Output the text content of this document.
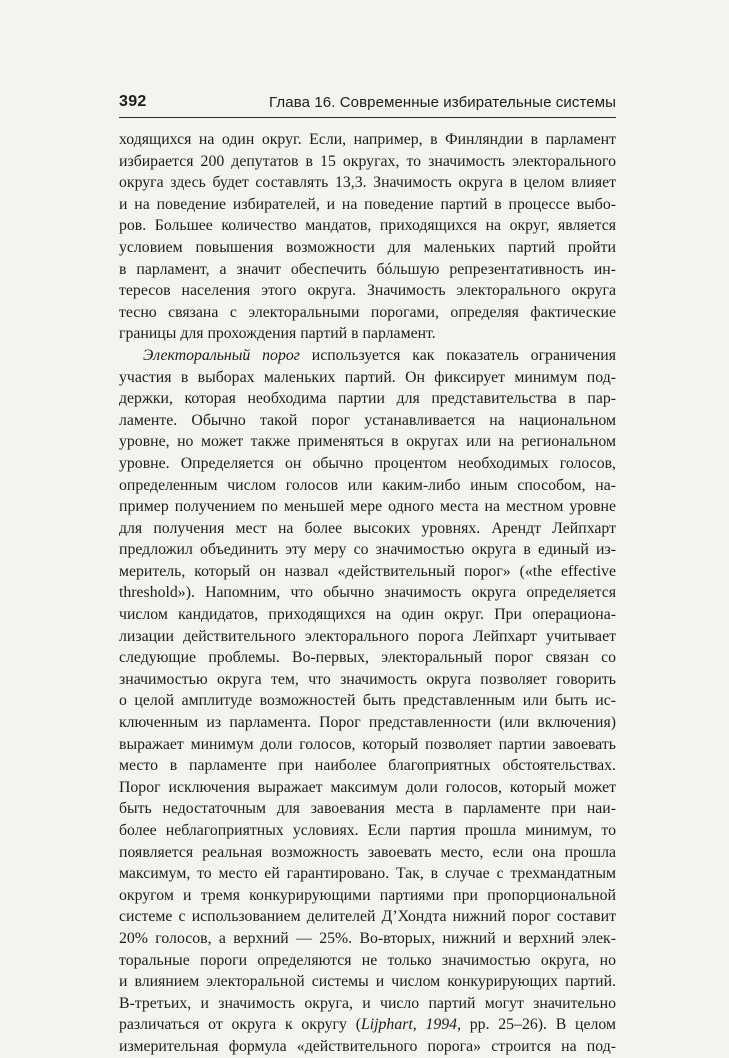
392	Глава 16. Современные избирательные системы
ходящихся на один округ. Если, например, в Финляндии в парламент
избирается 200 депутатов в 15 округах, то значимость электорального
округа здесь будет составлять 13,3. Значимость округа в целом влияет
и на поведение избирателей, и на поведение партий в процессе выбо-
ров. Большее количество мандатов, приходящихся на округ, является
условием повышения возможности для маленьких партий пройти
в парламент, а значит обеспечить бóльшую репрезентативность ин-
тересов населения этого округа. Значимость электорального округа
тесно связана с электоральными порогами, определяя фактические
границы для прохождения партий в парламент.
Электоральный порог используется как показатель ограничения
участия в выборах маленьких партий. Он фиксирует минимум под-
держки, которая необходима партии для представительства в пар-
ламенте. Обычно такой порог устанавливается на национальном
уровне, но может также применяться в округах или на региональном
уровне. Определяется он обычно процентом необходимых голосов,
определенным числом голосов или каким-либо иным способом, на-
пример получением по меньшей мере одного места на местном уровне
для получения мест на более высоких уровнях. Арендт Лейпхарт
предложил объединить эту меру со значимостью округа в единый из-
меритель, который он назвал «действительный порог» («the effective
threshold»). Напомним, что обычно значимость округа определяется
числом кандидатов, приходящихся на один округ. При операциона-
лизации действительного электорального порога Лейпхарт учитывает
следующие проблемы. Во-первых, электоральный порог связан со
значимостью округа тем, что значимость округа позволяет говорить
о целой амплитуде возможностей быть представленным или быть ис-
ключенным из парламента. Порог представленности (или включения)
выражает минимум доли голосов, который позволяет партии завоевать
место в парламенте при наиболее благоприятных обстоятельствах.
Порог исключения выражает максимум доли голосов, который может
быть недостаточным для завоевания места в парламенте при наи-
более неблагоприятных условиях. Если партия прошла минимум, то
появляется реальная возможность завоевать место, если она прошла
максимум, то место ей гарантировано. Так, в случае с трехмандатным
округом и тремя конкурирующими партиями при пропорциональной
системе с использованием делителей Д’Хондта нижний порог составит
20% голосов, а верхний — 25%. Во-вторых, нижний и верхний элек-
торальные пороги определяются не только значимостью округа, но
и влиянием электоральной системы и числом конкурирующих партий.
В-третьих, и значимость округа, и число партий могут значительно
различаться от округа к округу (Lijphart, 1994, pp. 25–26). В целом
измерительная формула «действительного порога» строится на под-
